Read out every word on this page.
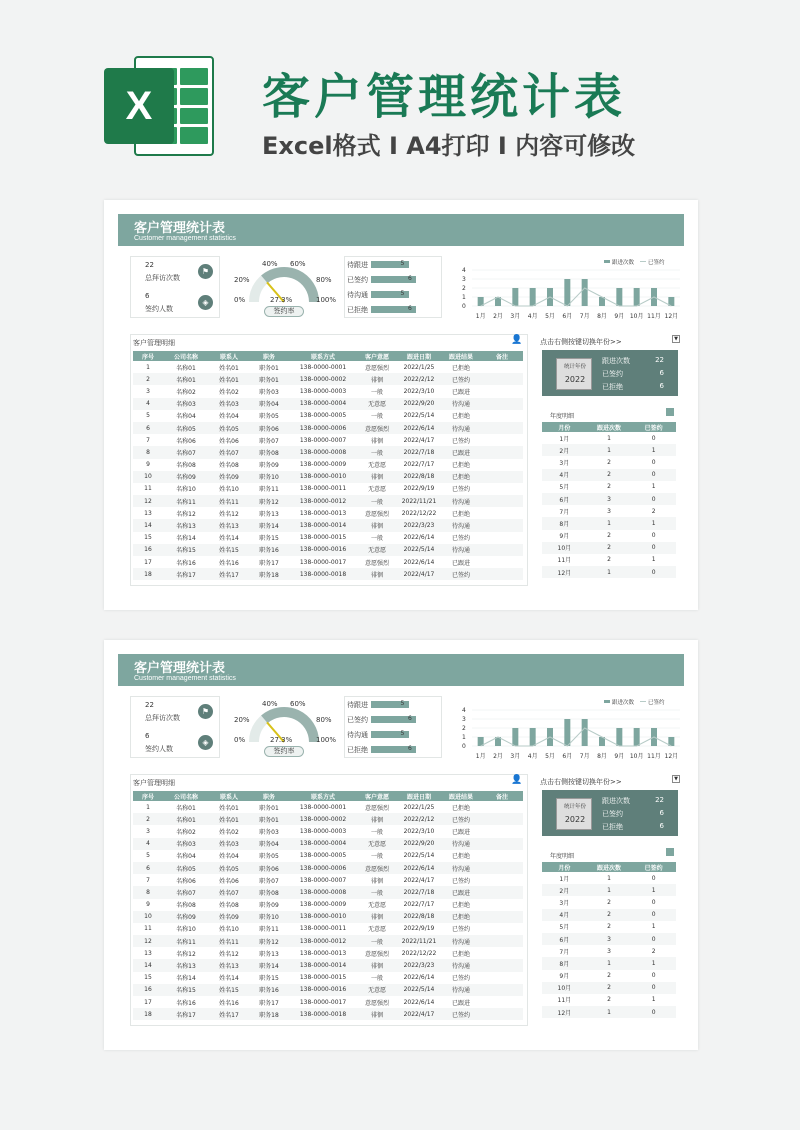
X	客户管理统计表
Excel格式 I A4打印 I 内容可修改
客户管理统计表
Customer management statistics
22
总拜访次数
⚑
6
签约人数
◈	0%
20%
40% 60%
80%
100%
27.3%
签约率
待跟进	5
已签约	6
待沟通	5
已拒绝	6	0
1
2
3
4
1月 2月 3月 4月 5月 6月 7月 8月 9月 10月 11月 12月
跟进次数	已签约
客户管理明细	👤
序号	公司名称	联系人	职务	联系方式	客户意愿	跟进日期	跟进结果	备注
1	名称01	姓名01	职务01	138-0000-0001	意愿强烈	2022/1/25	已拒绝	
2	名称01	姓名01	职务01	138-0000-0002	徘徊	2022/2/12	已签约	
3	名称02	姓名02	职务03	138-0000-0003	一般	2022/3/10	已跟进	
4	名称03	姓名03	职务04	138-0000-0004	无意愿	2022/9/20	待沟通	
5	名称04	姓名04	职务05	138-0000-0005	一般	2022/5/14	已拒绝	
6	名称05	姓名05	职务06	138-0000-0006	意愿强烈	2022/6/14	待沟通	
7	名称06	姓名06	职务07	138-0000-0007	徘徊	2022/4/17	已签约	
8	名称07	姓名07	职务08	138-0000-0008	一般	2022/7/18	已跟进	
9	名称08	姓名08	职务09	138-0000-0009	无意愿	2022/7/17	已拒绝	
10	名称09	姓名09	职务10	138-0000-0010	徘徊	2022/8/18	已拒绝	
11	名称10	姓名10	职务11	138-0000-0011	无意愿	2022/9/19	已签约	
12	名称11	姓名11	职务12	138-0000-0012	一般	2022/11/21	待沟通	
13	名称12	姓名12	职务13	138-0000-0013	意愿强烈	2022/12/22	已拒绝	
14	名称13	姓名13	职务14	138-0000-0014	徘徊	2022/3/23	待沟通	
15	名称14	姓名14	职务15	138-0000-0015	一般	2022/6/14	已签约	
16	名称15	姓名15	职务16	138-0000-0016	无意愿	2022/5/14	待沟通	
17	名称16	姓名16	职务17	138-0000-0017	意愿强烈	2022/6/14	已跟进	
18	名称17	姓名17	职务18	138-0000-0018	徘徊	2022/4/17	已签约	
点击右侧按键切换年份>>	▼
统计年份
2022
跟进次数	22
已签约	6
已拒绝	6
年度明细
月份	跟进次数	已签约
1月	1	0
2月	1	1
3月	2	0
4月	2	0
5月	2	1
6月	3	0
7月	3	2
8月	1	1
9月	2	0
10月	2	0
11月	2	1
12月	1	0
客户管理统计表
Customer management statistics
22
总拜访次数
⚑
6
签约人数
◈	0%
20%
40% 60%
80%
100%
27.3%
签约率
待跟进	5
已签约	6
待沟通	5
已拒绝	6	0
1
2
3
4
1月 2月 3月 4月 5月 6月 7月 8月 9月 10月 11月 12月
跟进次数	已签约
客户管理明细	👤
序号	公司名称	联系人	职务	联系方式	客户意愿	跟进日期	跟进结果	备注
1	名称01	姓名01	职务01	138-0000-0001	意愿强烈	2022/1/25	已拒绝	
2	名称01	姓名01	职务01	138-0000-0002	徘徊	2022/2/12	已签约	
3	名称02	姓名02	职务03	138-0000-0003	一般	2022/3/10	已跟进	
4	名称03	姓名03	职务04	138-0000-0004	无意愿	2022/9/20	待沟通	
5	名称04	姓名04	职务05	138-0000-0005	一般	2022/5/14	已拒绝	
6	名称05	姓名05	职务06	138-0000-0006	意愿强烈	2022/6/14	待沟通	
7	名称06	姓名06	职务07	138-0000-0007	徘徊	2022/4/17	已签约	
8	名称07	姓名07	职务08	138-0000-0008	一般	2022/7/18	已跟进	
9	名称08	姓名08	职务09	138-0000-0009	无意愿	2022/7/17	已拒绝	
10	名称09	姓名09	职务10	138-0000-0010	徘徊	2022/8/18	已拒绝	
11	名称10	姓名10	职务11	138-0000-0011	无意愿	2022/9/19	已签约	
12	名称11	姓名11	职务12	138-0000-0012	一般	2022/11/21	待沟通	
13	名称12	姓名12	职务13	138-0000-0013	意愿强烈	2022/12/22	已拒绝	
14	名称13	姓名13	职务14	138-0000-0014	徘徊	2022/3/23	待沟通	
15	名称14	姓名14	职务15	138-0000-0015	一般	2022/6/14	已签约	
16	名称15	姓名15	职务16	138-0000-0016	无意愿	2022/5/14	待沟通	
17	名称16	姓名16	职务17	138-0000-0017	意愿强烈	2022/6/14	已跟进	
18	名称17	姓名17	职务18	138-0000-0018	徘徊	2022/4/17	已签约	
点击右侧按键切换年份>>	▼
统计年份
2022
跟进次数	22
已签约	6
已拒绝	6
年度明细
月份	跟进次数	已签约
1月	1	0
2月	1	1
3月	2	0
4月	2	0
5月	2	1
6月	3	0
7月	3	2
8月	1	1
9月	2	0
10月	2	0
11月	2	1
12月	1	0
